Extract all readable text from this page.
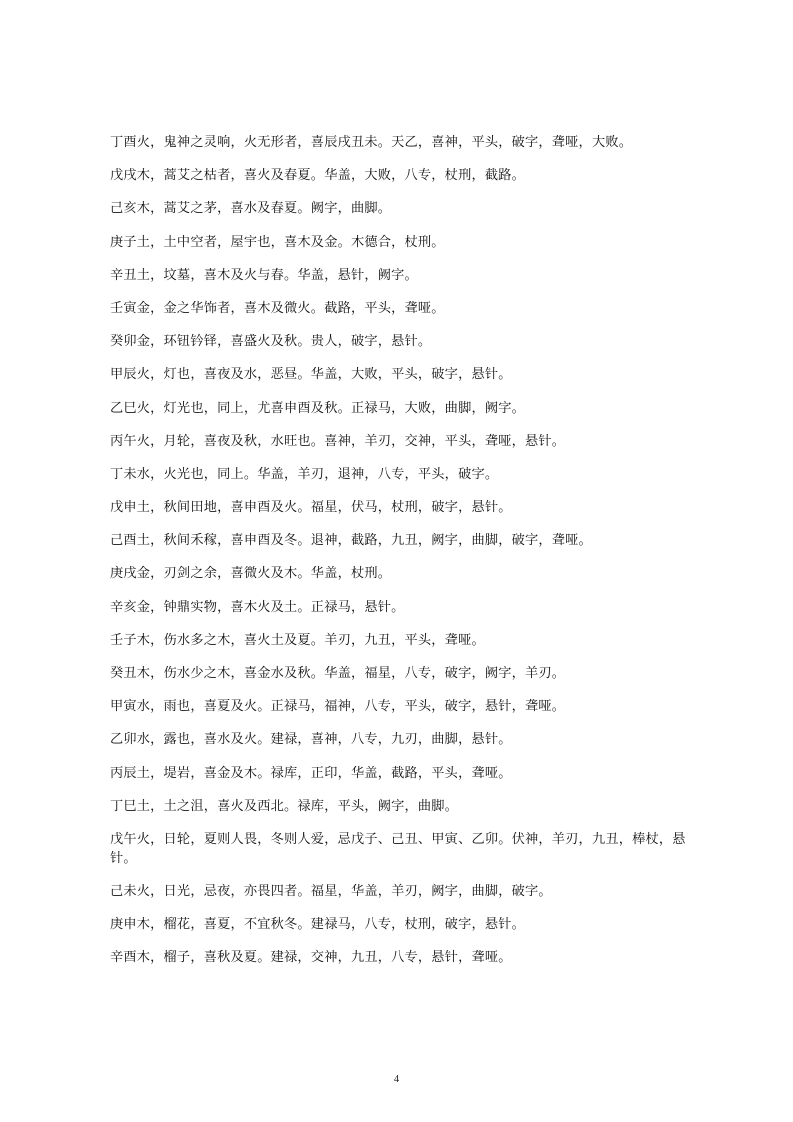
丁酉火，鬼神之灵响，火无形者，喜辰戌丑未。天乙，喜神，平头，破字，聋哑，大败。

戊戌木，蒿艾之枯者，喜火及春夏。华盖，大败，八专，杖刑，截路。

己亥木，蒿艾之茅，喜水及春夏。阙字，曲脚。

庚子土，土中空者，屋宇也，喜木及金。木德合，杖刑。

辛丑土，坟墓，喜木及火与春。华盖，悬针，阙字。

壬寅金，金之华饰者，喜木及微火。截路，平头，聋哑。

癸卯金，环钮钤铎，喜盛火及秋。贵人，破字，悬针。

甲辰火，灯也，喜夜及水，恶昼。华盖，大败，平头，破字，悬针。

乙巳火，灯光也，同上，尤喜申酉及秋。正禄马，大败，曲脚，阙字。

丙午火，月轮，喜夜及秋，水旺也。喜神，羊刃，交神，平头，聋哑，悬针。

丁未水，火光也，同上。华盖，羊刃，退神，八专，平头，破字。

戊申土，秋间田地，喜申酉及火。福星，伏马，杖刑，破字，悬针。

己酉土，秋间禾稼，喜申酉及冬。退神，截路，九丑，阙字，曲脚，破字，聋哑。

庚戌金，刃剑之余，喜微火及木。华盖，杖刑。

辛亥金，钟鼎实物，喜木火及土。正禄马，悬针。

壬子木，伤水多之木，喜火土及夏。羊刃，九丑，平头，聋哑。

癸丑木，伤水少之木，喜金水及秋。华盖，福星，八专，破字，阙字，羊刃。

甲寅水，雨也，喜夏及火。正禄马，福神，八专，平头，破字，悬针，聋哑。

乙卯水，露也，喜水及火。建禄，喜神，八专，九刃，曲脚，悬针。

丙辰土，堤岩，喜金及木。禄库，正印，华盖，截路，平头，聋哑。

丁巳土，土之沮，喜火及西北。禄库，平头，阙字，曲脚。

戊午火，日轮，夏则人畏，冬则人爱，忌戊子、己丑、甲寅、乙卯。伏神，羊刃，九丑，棒杖，悬针。

己未火，日光，忌夜，亦畏四者。福星，华盖，羊刃，阙字，曲脚，破字。

庚申木，榴花，喜夏，不宜秋冬。建禄马，八专，杖刑，破字，悬针。

辛酉木，榴子，喜秋及夏。建禄，交神，九丑，八专，悬针，聋哑。

4
